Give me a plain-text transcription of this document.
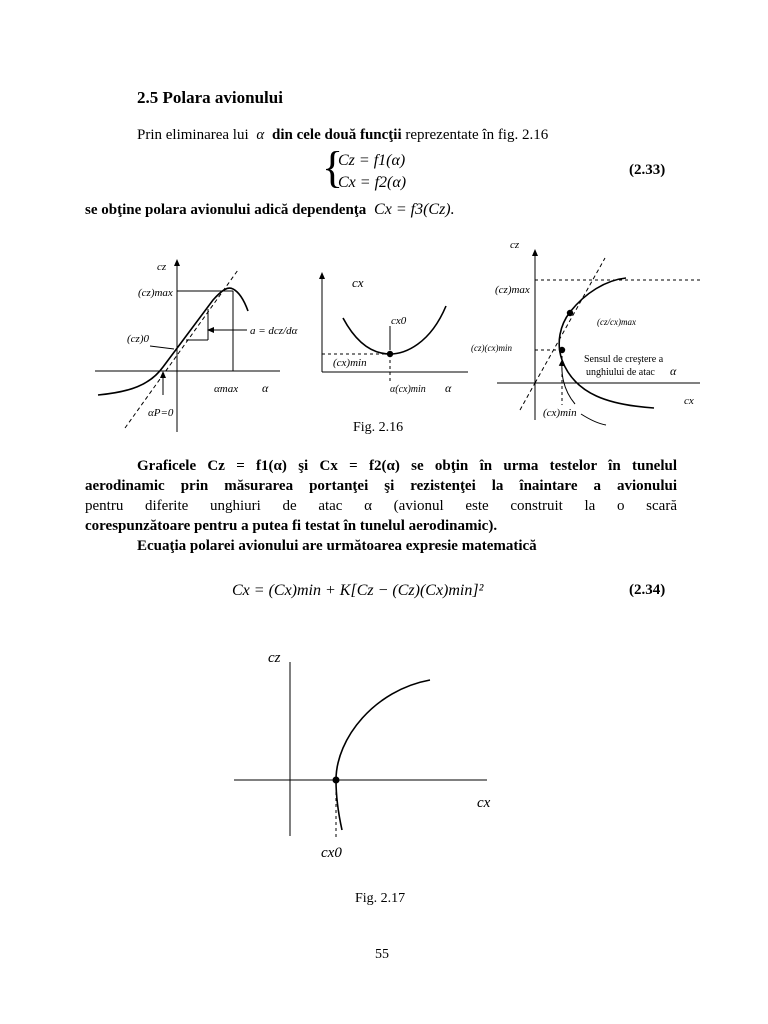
2.5 Polara avionului
Prin eliminarea lui α din cele două funcţii reprezentate în fig. 2.16
{
Cz = f1(α)
Cx = f2(α)
(2.33)
se obţine polara avionului adică dependenţa Cx = f3(Cz).
cz
(cz)max
(cz)0
a = dcz/dα
αmax α
αP=0
cx
cx0
(cx)min
α(cx)min α
cz
(cz)max
(cz/cx)max
(cz)(cx)min
Sensul de creştere a
unghiului de atac α
cx
(cx)min
Fig. 2.16
Graficele Cz = f1(α) şi Cx = f2(α) se obţin în urma testelor în tunelul
aerodinamic prin măsurarea portanţei şi rezistenţei la înaintare a avionului
pentru diferite unghiuri de atac α (avionul este construit la o scară
corespunzătoare pentru a putea fi testat în tunelul aerodinamic).
Ecuaţia polarei avionului are următoarea expresie matematică
Cx = (Cx)min + K[Cz − (Cz)(Cx)min]²	(2.34)
cz
cx
cx0
Fig. 2.17
55
